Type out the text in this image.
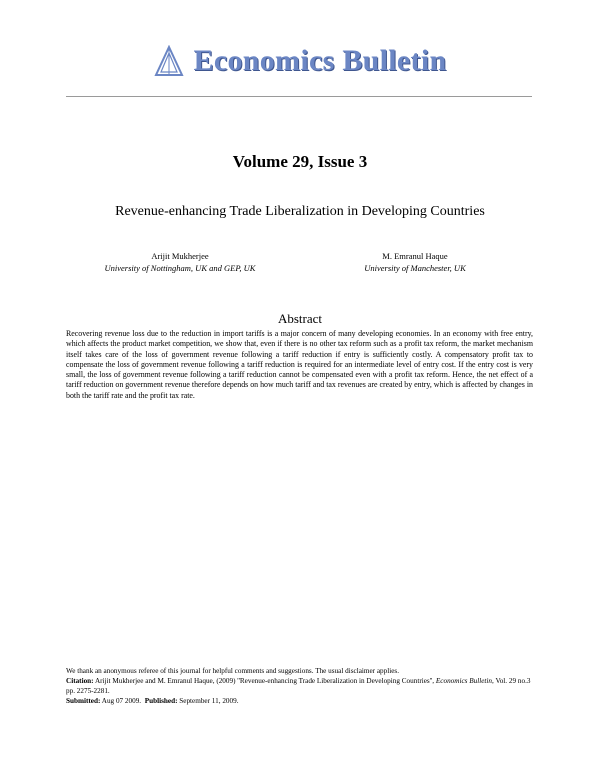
Economics Bulletin
Volume 29, Issue 3
Revenue-enhancing Trade Liberalization in Developing Countries
Arijit Mukherjee
University of Nottingham, UK and GEP, UK
M. Emranul Haque
University of Manchester, UK
Abstract
Recovering revenue loss due to the reduction in import tariffs is a major concern of many developing economies. In an economy with free entry, which affects the product market competition, we show that, even if there is no other tax reform such as a profit tax reform, the market mechanism itself takes care of the loss of government revenue following a tariff reduction if entry is sufficiently costly. A compensatory profit tax to compensate the loss of government revenue following a tariff reduction is required for an intermediate level of entry cost. If the entry cost is very small, the loss of government revenue following a tariff reduction cannot be compensated even with a profit tax reform. Hence, the net effect of a tariff reduction on government revenue therefore depends on how much tariff and tax revenues are created by entry, which is affected by changes in both the tariff rate and the profit tax rate.
We thank an anonymous referee of this journal for helpful comments and suggestions. The usual disclaimer applies.
Citation: Arijit Mukherjee and M. Emranul Haque, (2009) ''Revenue-enhancing Trade Liberalization in Developing Countries'', Economics Bulletin, Vol. 29 no.3 pp. 2275-2281.
Submitted: Aug 07 2009. Published: September 11, 2009.
